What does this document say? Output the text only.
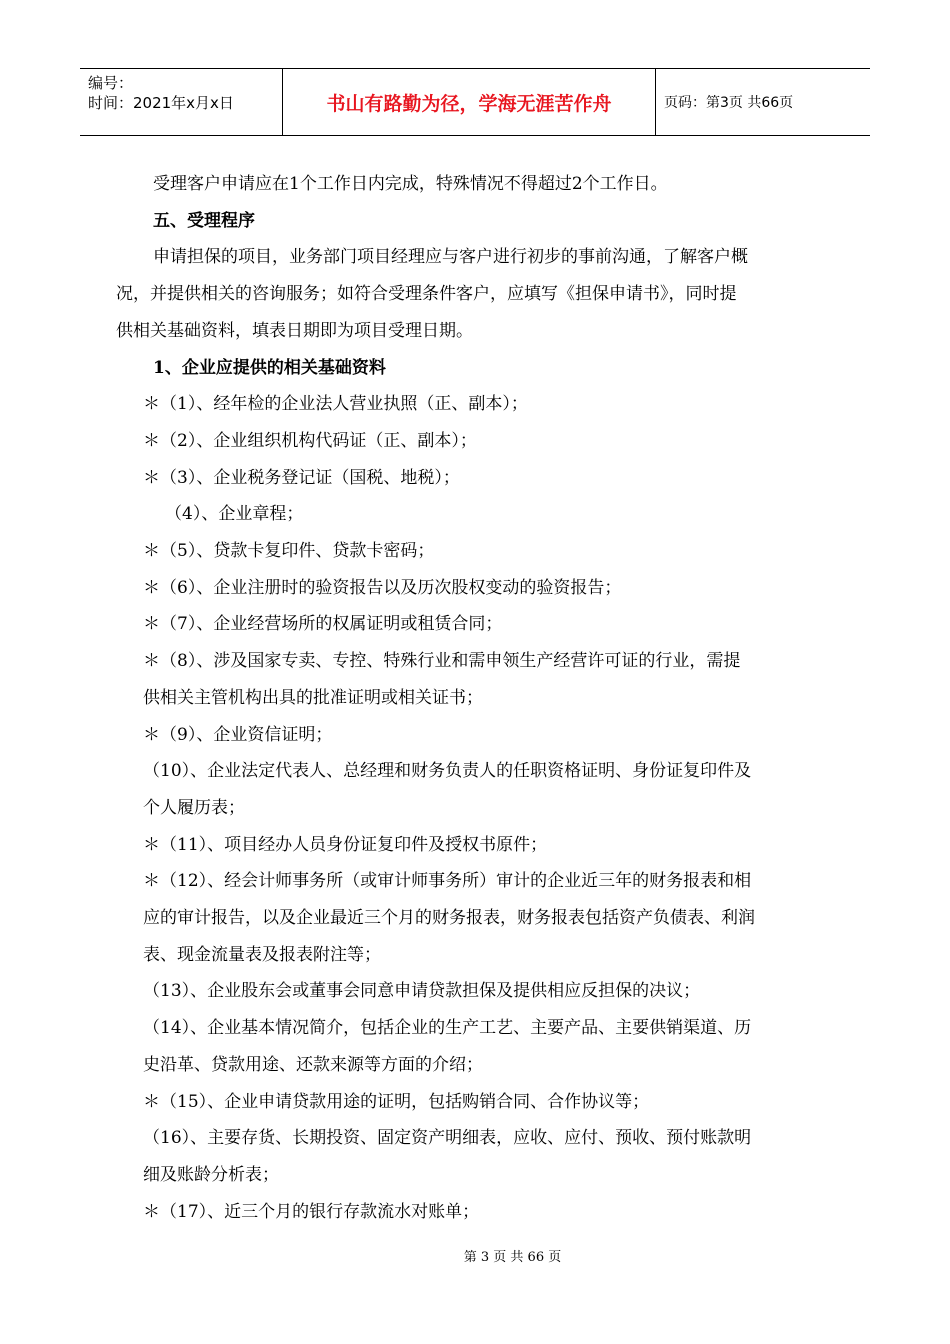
编号：
时间：2021年x月x日	书山有路勤为径，学海无涯苦作舟	页码：第3页 共66页
受理客户申请应在1个工作日内完成，特殊情况不得超过2个工作日。
五、受理程序
申请担保的项目，业务部门项目经理应与客户进行初步的事前沟通，了解客户概
况，并提供相关的咨询服务；如符合受理条件客户，应填写《担保申请书》，同时提
供相关基础资料，填表日期即为项目受理日期。
1、企业应提供的相关基础资料
＊（1）、经年检的企业法人营业执照（正、副本）；
＊（2）、企业组织机构代码证（正、副本）；
＊（3）、企业税务登记证（国税、地税）；
（4）、企业章程；
＊（5）、贷款卡复印件、贷款卡密码；
＊（6）、企业注册时的验资报告以及历次股权变动的验资报告；
＊（7）、企业经营场所的权属证明或租赁合同；
＊（8）、涉及国家专卖、专控、特殊行业和需申领生产经营许可证的行业，需提
供相关主管机构出具的批准证明或相关证书；
＊（9）、企业资信证明；
（10）、企业法定代表人、总经理和财务负责人的任职资格证明、身份证复印件及
个人履历表；
＊（11）、项目经办人员身份证复印件及授权书原件；
＊（12）、经会计师事务所（或审计师事务所）审计的企业近三年的财务报表和相
应的审计报告，以及企业最近三个月的财务报表，财务报表包括资产负债表、利润
表、现金流量表及报表附注等；
（13）、企业股东会或董事会同意申请贷款担保及提供相应反担保的决议；
（14）、企业基本情况简介，包括企业的生产工艺、主要产品、主要供销渠道、历
史沿革、贷款用途、还款来源等方面的介绍；
＊（15）、企业申请贷款用途的证明，包括购销合同、合作协议等；
（16）、主要存货、长期投资、固定资产明细表，应收、应付、预收、预付账款明
细及账龄分析表；
＊（17）、近三个月的银行存款流水对账单；
第 3 页 共 66 页
